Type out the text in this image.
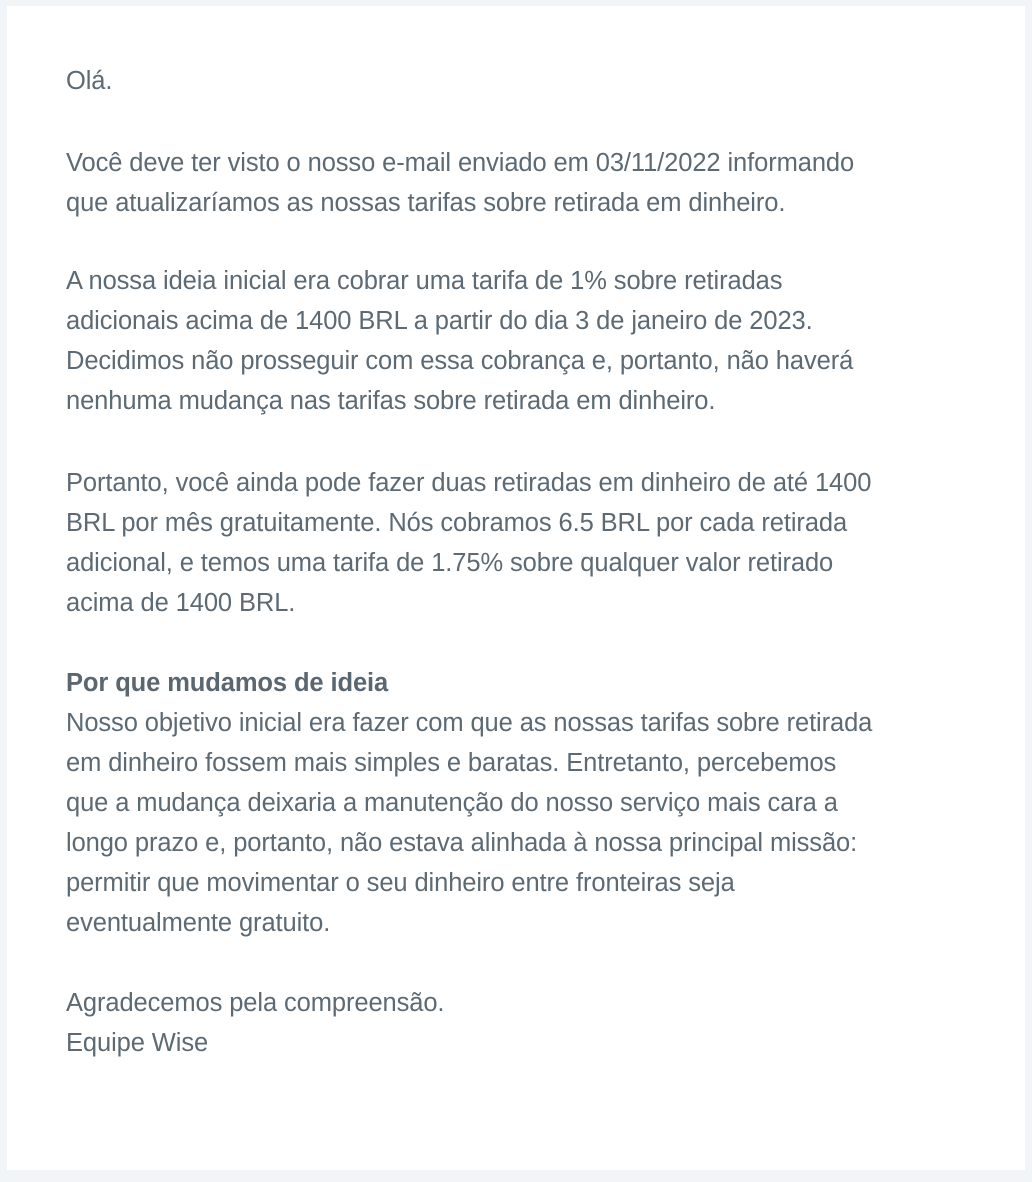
Olá.

Você deve ter visto o nosso e-mail enviado em 03/11/2022 informando
que atualizaríamos as nossas tarifas sobre retirada em dinheiro.

A nossa ideia inicial era cobrar uma tarifa de 1% sobre retiradas
adicionais acima de 1400 BRL a partir do dia 3 de janeiro de 2023.
Decidimos não prosseguir com essa cobrança e, portanto, não haverá
nenhuma mudança nas tarifas sobre retirada em dinheiro.

Portanto, você ainda pode fazer duas retiradas em dinheiro de até 1400
BRL por mês gratuitamente. Nós cobramos 6.5 BRL por cada retirada
adicional, e temos uma tarifa de 1.75% sobre qualquer valor retirado
acima de 1400 BRL.

Por que mudamos de ideia
Nosso objetivo inicial era fazer com que as nossas tarifas sobre retirada
em dinheiro fossem mais simples e baratas. Entretanto, percebemos
que a mudança deixaria a manutenção do nosso serviço mais cara a
longo prazo e, portanto, não estava alinhada à nossa principal missão:
permitir que movimentar o seu dinheiro entre fronteiras seja
eventualmente gratuito.

Agradecemos pela compreensão.
Equipe Wise
